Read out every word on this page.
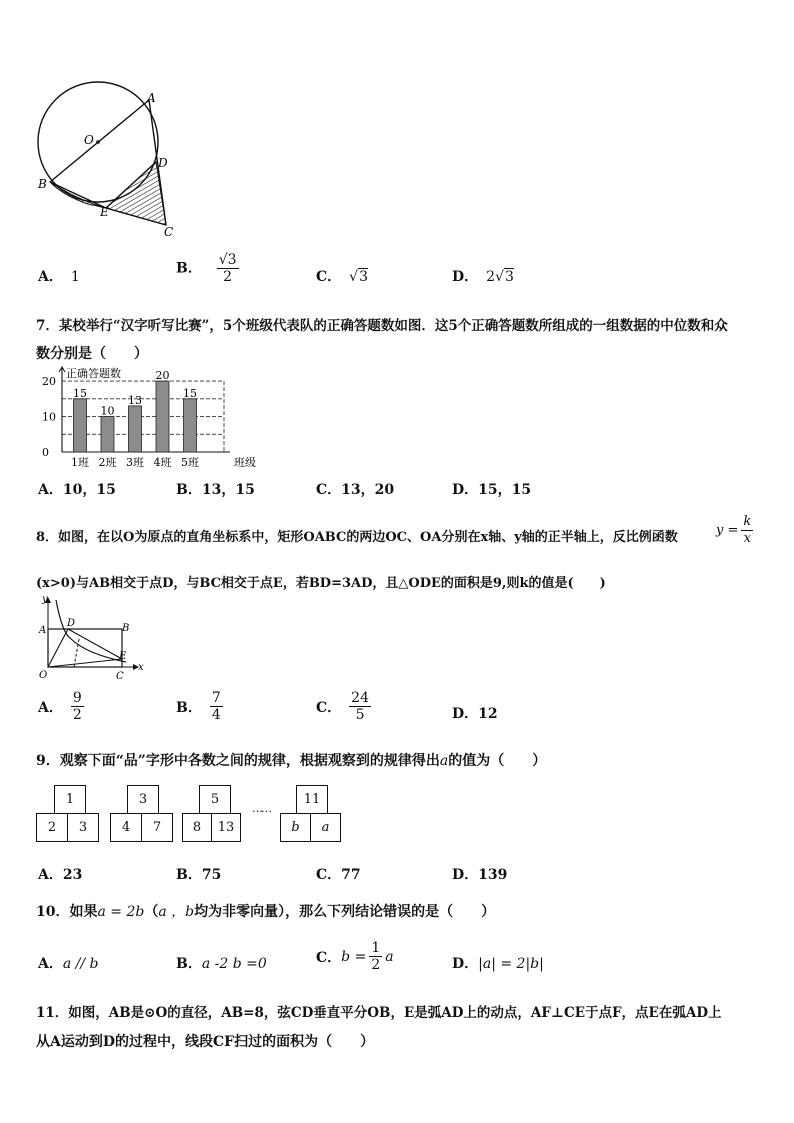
A
O
D
B
E
C
A． 1
B． $\frac{√3}{2}$	C． √3	D． 2√3
7．某校举行“汉字听写比赛”，5个班级代表队的正确答题数如图．这5个正确答题数所组成的一组数据的中位数和众
数分别是（　　）
正确答题数
0
10
20
15
1班
10
2班
13
3班
20
4班
15
5班	班级
A．10，15	B．13，15	C．13，20	D．15，15
8．如图，在以O为原点的直角坐标系中，矩形OABC的两边OC、OA分别在x轴、y轴的正半轴上，反比例函数	$y = \frac{k}{x}$
(x>0)与AB相交于点D，与BC相交于点E，若BD=3AD，且△ODE的面积是9,则k的值是(　　)
y
A
D	B
E
O	C
x
A． $\frac{9}{2}$	B． $\frac{7}{4}$	C． $\frac{24}{5}$	D．12
9．观察下面“品”字形中各数之间的规律，根据观察到的规律得出a的值为（　　）
1
2	3
3
4	7
5
8	13
……
11
b	a
A．23	B．75	C．77	D．139
10．如果a = 2b（a ，b均为非零向量），那么下列结论错误的是（　　）
A．a // b	B．a -2 b =0	C． $b = \frac{1}{2}$ a	D．|a| = 2|b|
11．如图，AB是⊙O的直径，AB=8，弦CD垂直平分OB，E是弧AD上的动点，AF⊥CE于点F，点E在弧AD上
从A运动到D的过程中，线段CF扫过的面积为（　　）
